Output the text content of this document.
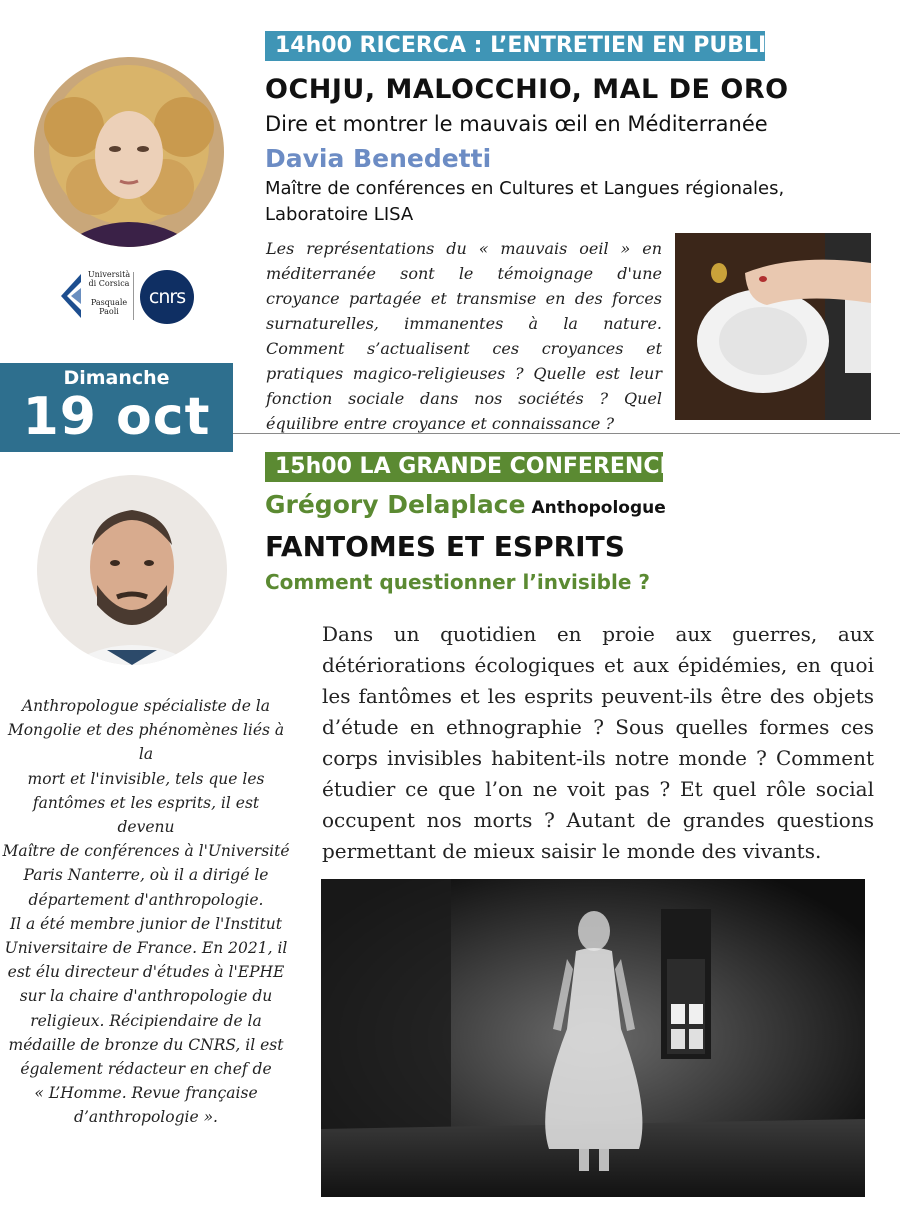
Università
di Corsica
Pasquale
Paoli
cnrs
14h00 RICERCA : L’ENTRETIEN EN PUBLIC
OCHJU, MALOCCHIO, MAL DE ORO
Dire et montrer le mauvais œil en Méditerranée
Davia Benedetti
Maître de conférences en Cultures et Langues régionales,
Laboratoire LISA
Les représentations du « mauvais oeil » en méditerranée sont le témoignage d'une croyance partagée et transmise en des forces surnaturelles, immanentes à la nature. Comment s’actualisent ces croyances et pratiques magico-religieuses ? Quelle est leur fonction sociale dans nos sociétés ? Quel équilibre entre croyance et connaissance ?
Dimanche
19 oct
15h00 LA GRANDE CONFERENCE
Grégory Delaplace Anthopologue
FANTOMES ET ESPRITS
Comment questionner l’invisible ?
Dans un quotidien en proie aux guerres, aux détériorations écologiques et aux épidémies, en quoi les fantômes et les esprits peuvent-ils être des objets d’étude en ethnographie ? Sous quelles formes ces corps invisibles habitent-ils notre monde ? Comment étudier ce que l’on ne voit pas ? Et quel rôle social occupent nos morts ? Autant de grandes questions permettant de mieux saisir le monde des vivants.
Anthropologue spécialiste de la
Mongolie et des phénomènes liés à la
mort et l'invisible, tels que les
fantômes et les esprits, il est devenu
Maître de conférences à l'Université
Paris Nanterre, où il a dirigé le
département d'anthropologie.
Il a été membre junior de l'Institut
Universitaire de France. En 2021, il
est élu directeur d'études à l'EPHE
sur la chaire d'anthropologie du
religieux. Récipiendaire de la
médaille de bronze du CNRS, il est
également rédacteur en chef de
« L’Homme. Revue française
d’anthropologie ».
